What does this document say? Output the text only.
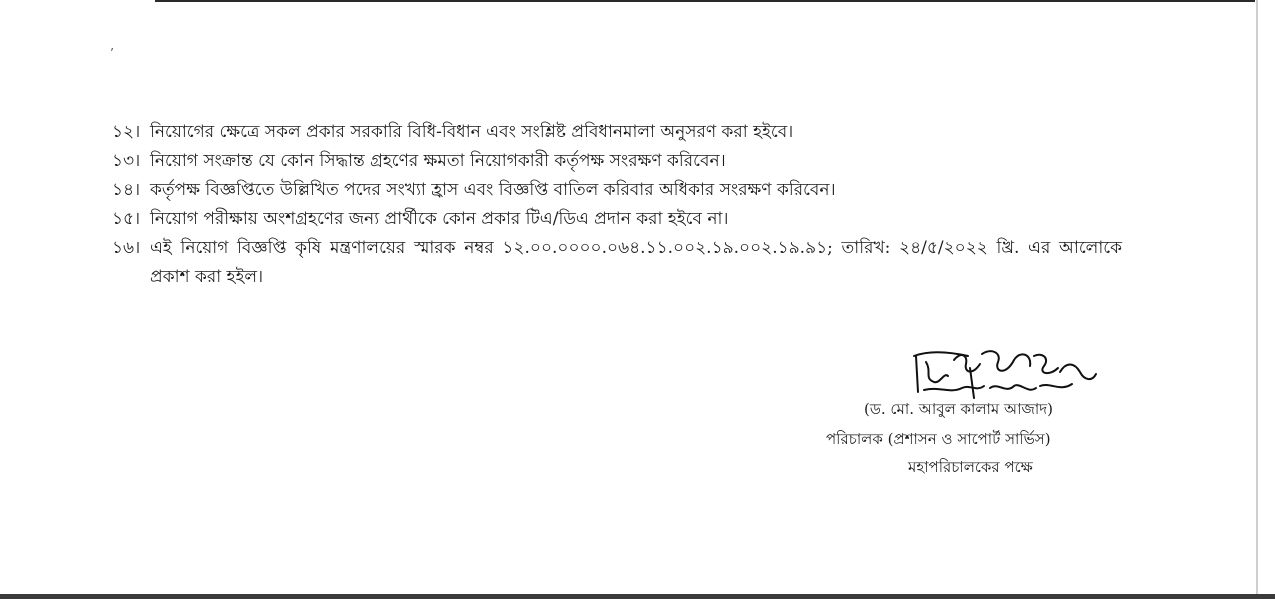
’
১২। নিয়োগের ক্ষেত্রে সকল প্রকার সরকারি বিধি-বিধান এবং সংশ্লিষ্ট প্রবিধানমালা অনুসরণ করা হইবে।
১৩। নিয়োগ সংক্রান্ত যে কোন সিদ্ধান্ত গ্রহণের ক্ষমতা নিয়োগকারী কর্তৃপক্ষ সংরক্ষণ করিবেন।
১৪। কর্তৃপক্ষ বিজ্ঞপ্তিতে উল্লিখিত পদের সংখ্যা হ্রাস এবং বিজ্ঞপ্তি বাতিল করিবার অধিকার সংরক্ষণ করিবেন।
১৫। নিয়োগ পরীক্ষায় অংশগ্রহণের জন্য প্রার্থীকে কোন প্রকার টিএ/ডিএ প্রদান করা হইবে না।
১৬। এই নিয়োগ বিজ্ঞপ্তি কৃষি মন্ত্রণালয়ের স্মারক নম্বর ১২.০০.০০০০.০৬৪.১১.০০২.১৯.০০২.১৯.৯১; তারিখ: ২৪/৫/২০২২ খ্রি. এর আলোকে প্রকাশ করা হইল।
(ড. মো. আবুল কালাম আজাদ)
পরিচালক (প্রশাসন ও সাপোর্ট সার্ভিস)
মহাপরিচালকের পক্ষে
